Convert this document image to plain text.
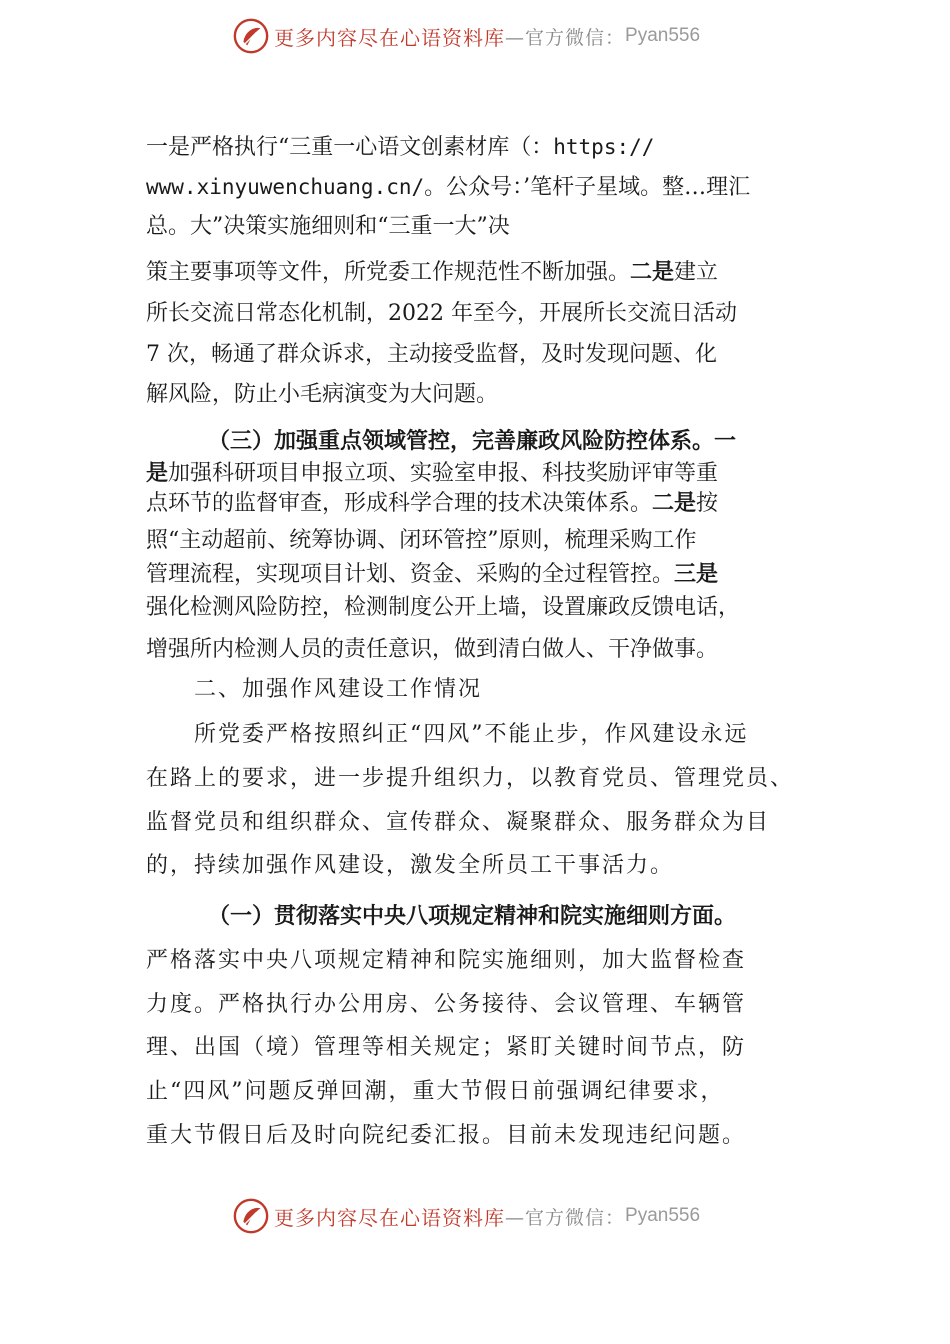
更多内容尽在心语资料库 —官方微信： Pyan556
一是严格执行“三重一心语文创素材库（：https://
www.xinyuwenchuang.cn/。公众号：’笔杆子星域。整…理汇
总。大”决策实施细则和“三重一大”决
策主要事项等文件，所党委工作规范性不断加强。二是建立
所长交流日常态化机制，2022 年至今，开展所长交流日活动
7 次，畅通了群众诉求，主动接受监督，及时发现问题、化
解风险，防止小毛病演变为大问题。
（三）加强重点领域管控，完善廉政风险防控体系。一
是加强科研项目申报立项、实验室申报、科技奖励评审等重
点环节的监督审查，形成科学合理的技术决策体系。二是按
照“主动超前、统筹协调、闭环管控”原则，梳理采购工作
管理流程，实现项目计划、资金、采购的全过程管控。三是
强化检测风险防控，检测制度公开上墙，设置廉政反馈电话，
增强所内检测人员的责任意识，做到清白做人、干净做事。
二、加强作风建设工作情况
所党委严格按照纠正“四风”不能止步，作风建设永远
在路上的要求，进一步提升组织力，以教育党员、管理党员、
监督党员和组织群众、宣传群众、凝聚群众、服务群众为目
的，持续加强作风建设，激发全所员工干事活力。
（一）贯彻落实中央八项规定精神和院实施细则方面。
严格落实中央八项规定精神和院实施细则，加大监督检查
力度。严格执行办公用房、公务接待、会议管理、车辆管
理、出国（境）管理等相关规定；紧盯关键时间节点，防
止“四风”问题反弹回潮，重大节假日前强调纪律要求，
重大节假日后及时向院纪委汇报。目前未发现违纪问题。
更多内容尽在心语资料库 —官方微信： Pyan556
